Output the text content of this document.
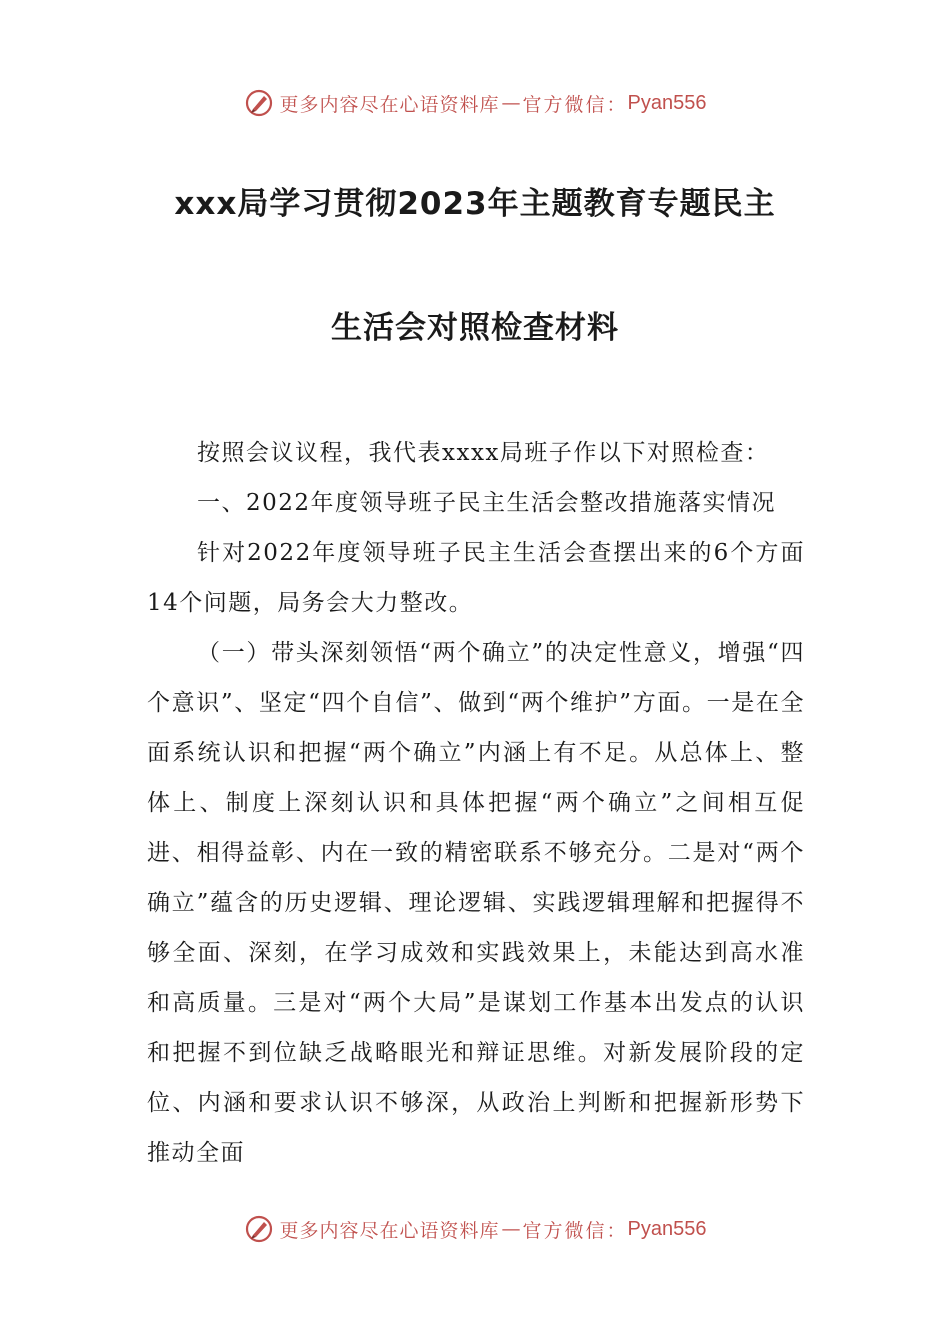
更多内容尽在心语资料库 — 官方微信： Pyan556
xxx局学习贯彻2023年主题教育专题民主
生活会对照检查材料

按照会议议程，我代表xxxx局班子作以下对照检查：

一、2022年度领导班子民主生活会整改措施落实情况

针对2022年度领导班子民主生活会查摆出来的6个方面14个问题，局务会大力整改。

（一）带头深刻领悟“两个确立”的决定性意义，增强“四个意识”、坚定“四个自信”、做到“两个维护”方面。一是在全面系统认识和把握“两个确立”内涵上有不足。从总体上、整体上、制度上深刻认识和具体把握“两个确立”之间相互促进、相得益彰、内在一致的精密联系不够充分。二是对“两个确立”蕴含的历史逻辑、理论逻辑、实践逻辑理解和把握得不够全面、深刻，在学习成效和实践效果上，未能达到高水准和高质量。三是对“两个大局”是谋划工作基本出发点的认识和把握不到位缺乏战略眼光和辩证思维。对新发展阶段的定位、内涵和要求认识不够深，从政治上判断和把握新形势下推动全面

更多内容尽在心语资料库 — 官方微信： Pyan556
